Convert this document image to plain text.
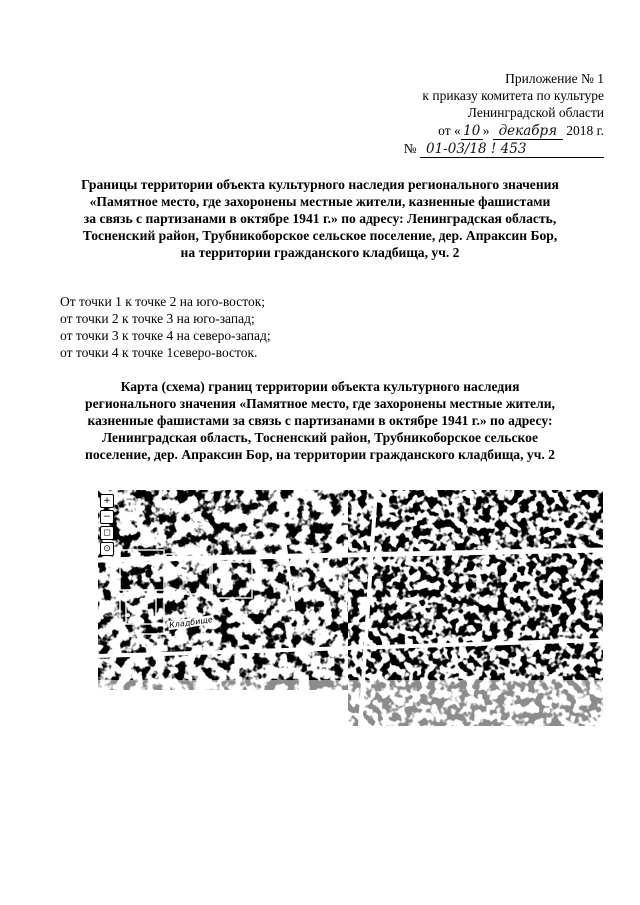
Приложение № 1
к приказу комитета по культуре
Ленинградской области
от « 10 » декабря 2018 г.
№ 01-03/18 ! 453
Границы территории объекта культурного наследия регионального значения
«Памятное место, где захоронены местные жители, казненные фашистами
за связь с партизанами в октябре 1941 г.» по адресу: Ленинградская область,
Тосненский район, Трубникоборское сельское поселение, дер. Апраксин Бор,
на территории гражданского кладбища, уч. 2
От точки 1 к точке 2 на юго-восток;
от точки 2 к точке 3 на юго-запад;
от точки 3 к точке 4 на северо-запад;
от точки 4 к точке 1северо-восток.
Карта (схема) границ территории объекта культурного наследия
регионального значения «Памятное место, где захоронены местные жители,
казненные фашистами за связь с партизанами в октябре 1941 г.» по адресу:
Ленинградская область, Тосненский район, Трубникоборское сельское
поселение, дер. Апраксин Бор, на территории гражданского кладбища, уч. 2
+
−
◻
⊙
Кладбище
